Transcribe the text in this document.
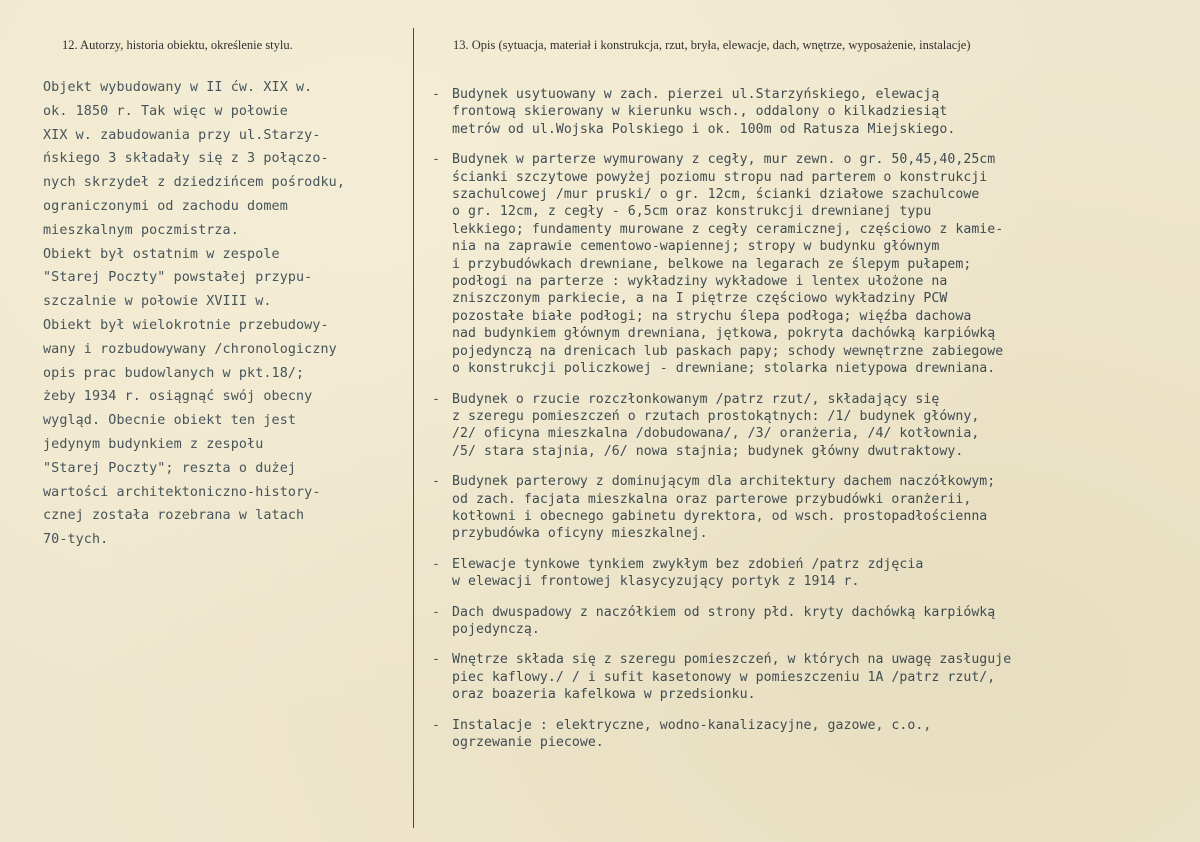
12. Autorzy, historia obiektu, określenie stylu.	13. Opis (sytuacja, materiał i konstrukcja, rzut, bryła, elewacje, dach, wnętrze, wyposażenie, instalacje)
Objekt wybudowany w II ćw. XIX w.
ok. 1850 r. Tak więc w połowie
XIX w. zabudowania przy ul.Starzy-
ńskiego 3 składały się z 3 połączo-
nych skrzydeł z dziedzińcem pośrodku,
ograniczonymi od zachodu domem
mieszkalnym poczmistrza.
Obiekt był ostatnim w zespole
"Starej Poczty" powstałej przypu-
szczalnie w połowie XVIII w.
Obiekt był wielokrotnie przebudowy-
wany i rozbudowywany /chronologiczny
opis prac budowlanych w pkt.18/;
żeby 1934 r. osiągnąć swój obecny
wygląd. Obecnie obiekt ten jest
jedynym budynkiem z zespołu
"Starej Poczty"; reszta o dużej
wartości architektoniczno-history-
cznej została rozebrana w latach
70-tych.
- Budynek usytuowany w zach. pierzei ul.Starzyńskiego, elewacją
frontową skierowany w kierunku wsch., oddalony o kilkadziesiąt
metrów od ul.Wojska Polskiego i ok. 100m od Ratusza Miejskiego.
- Budynek w parterze wymurowany z cegły, mur zewn. o gr. 50,45,40,25cm
ścianki szczytowe powyżej poziomu stropu nad parterem o konstrukcji
szachulcowej /mur pruski/ o gr. 12cm, ścianki działowe szachulcowe
o gr. 12cm, z cegły - 6,5cm oraz konstrukcji drewnianej typu
lekkiego; fundamenty murowane z cegły ceramicznej, częściowo z kamie-
nia na zaprawie cementowo-wapiennej; stropy w budynku głównym
i przybudówkach drewniane, belkowe na legarach ze ślepym pułapem;
podłogi na parterze : wykładziny wykładowe i lentex ułożone na
zniszczonym parkiecie, a na I piętrze częściowo wykładziny PCW
pozostałe białe podłogi; na strychu ślepa podłoga; więźba dachowa
nad budynkiem głównym drewniana, jętkowa, pokryta dachówką karpiówką
pojedynczą na drenicach lub paskach papy; schody wewnętrzne zabiegowe
o konstrukcji policzkowej - drewniane; stolarka nietypowa drewniana.
- Budynek o rzucie rozczłonkowanym /patrz rzut/, składający się
z szeregu pomieszczeń o rzutach prostokątnych: /1/ budynek główny,
/2/ oficyna mieszkalna /dobudowana/, /3/ oranżeria, /4/ kotłownia,
/5/ stara stajnia, /6/ nowa stajnia; budynek główny dwutraktowy.
- Budynek parterowy z dominującym dla architektury dachem naczółkowym;
od zach. facjata mieszkalna oraz parterowe przybudówki oranżerii,
kotłowni i obecnego gabinetu dyrektora, od wsch. prostopadłościenna
przybudówka oficyny mieszkalnej.
- Elewacje tynkowe tynkiem zwykłym bez zdobień /patrz zdjęcia
w elewacji frontowej klasycyzujący portyk z 1914 r.
- Dach dwuspadowy z naczółkiem od strony płd. kryty dachówką karpiówką
pojedynczą.
- Wnętrze składa się z szeregu pomieszczeń, w których na uwagę zasługuje
piec kaflowy./ / i sufit kasetonowy w pomieszczeniu 1A /patrz rzut/,
oraz boazeria kafelkowa w przedsionku.
- Instalacje : elektryczne, wodno-kanalizacyjne, gazowe, c.o.,
ogrzewanie piecowe.
